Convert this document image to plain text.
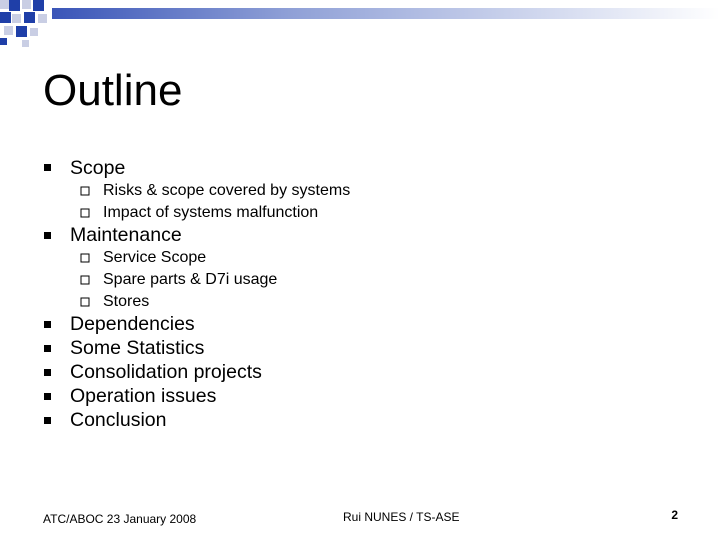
Outline
Scope
Risks & scope covered by systems
Impact of systems malfunction
Maintenance
Service Scope
Spare parts & D7i usage
Stores
Dependencies
Some Statistics
Consolidation projects
Operation issues
Conclusion
ATC/ABOC 23 January 2008	Rui NUNES / TS-ASE	2
